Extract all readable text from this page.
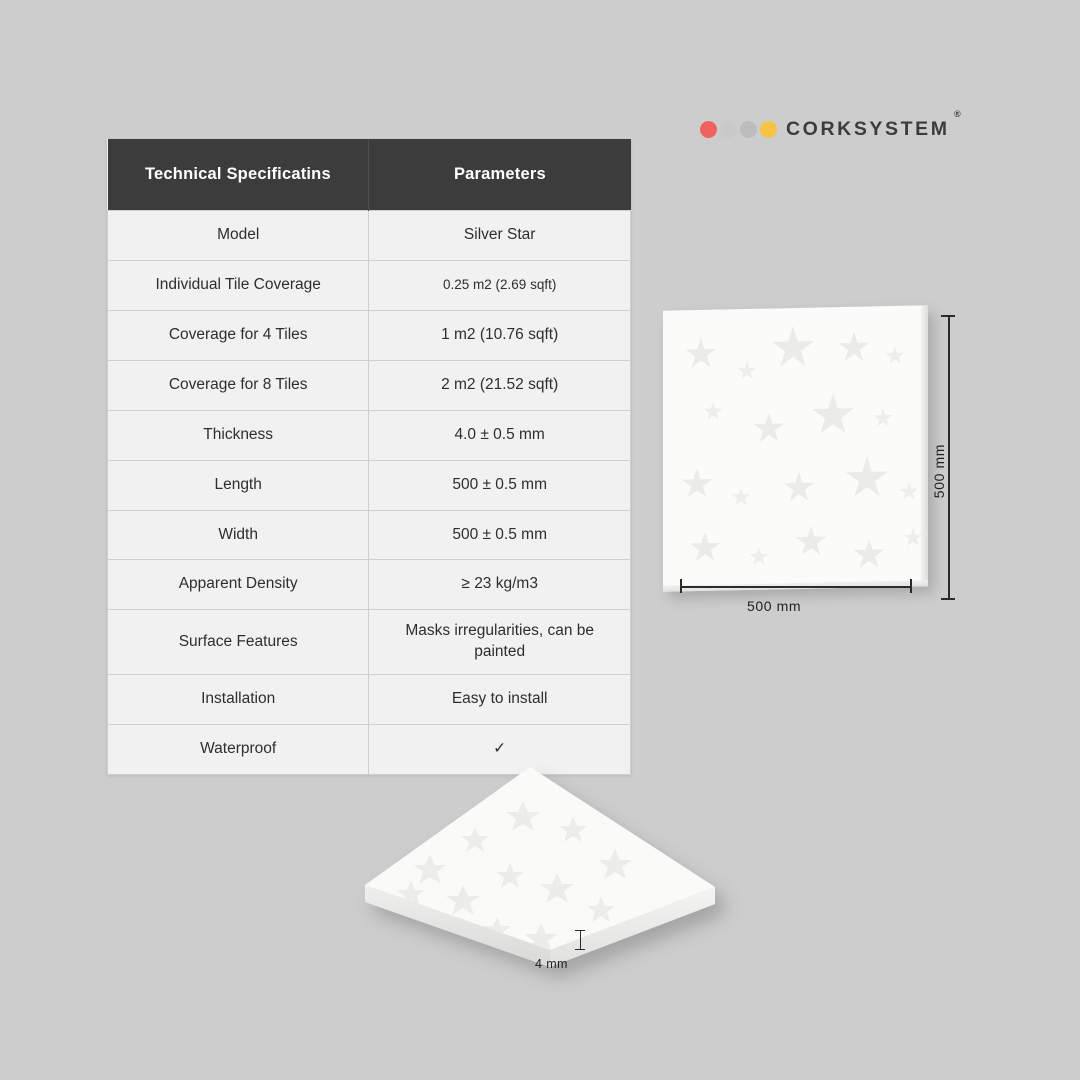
CORKSYSTEM
®
Technical Specificatins	Parameters
Model	Silver Star
Individual Tile Coverage	0.25 m2 (2.69 sqft)
Coverage for 4 Tiles	1 m2 (10.76 sqft)
Coverage for 8 Tiles	2 m2 (21.52 sqft)
Thickness	4.0 ± 0.5 mm
Length	500 ± 0.5 mm
Width	500 ± 0.5 mm
Apparent Density	≥ 23 kg/m3
Surface Features	Masks irregularities, can be painted
Installation	Easy to install
Waterproof	✓
500 mm
500 mm
4 mm
